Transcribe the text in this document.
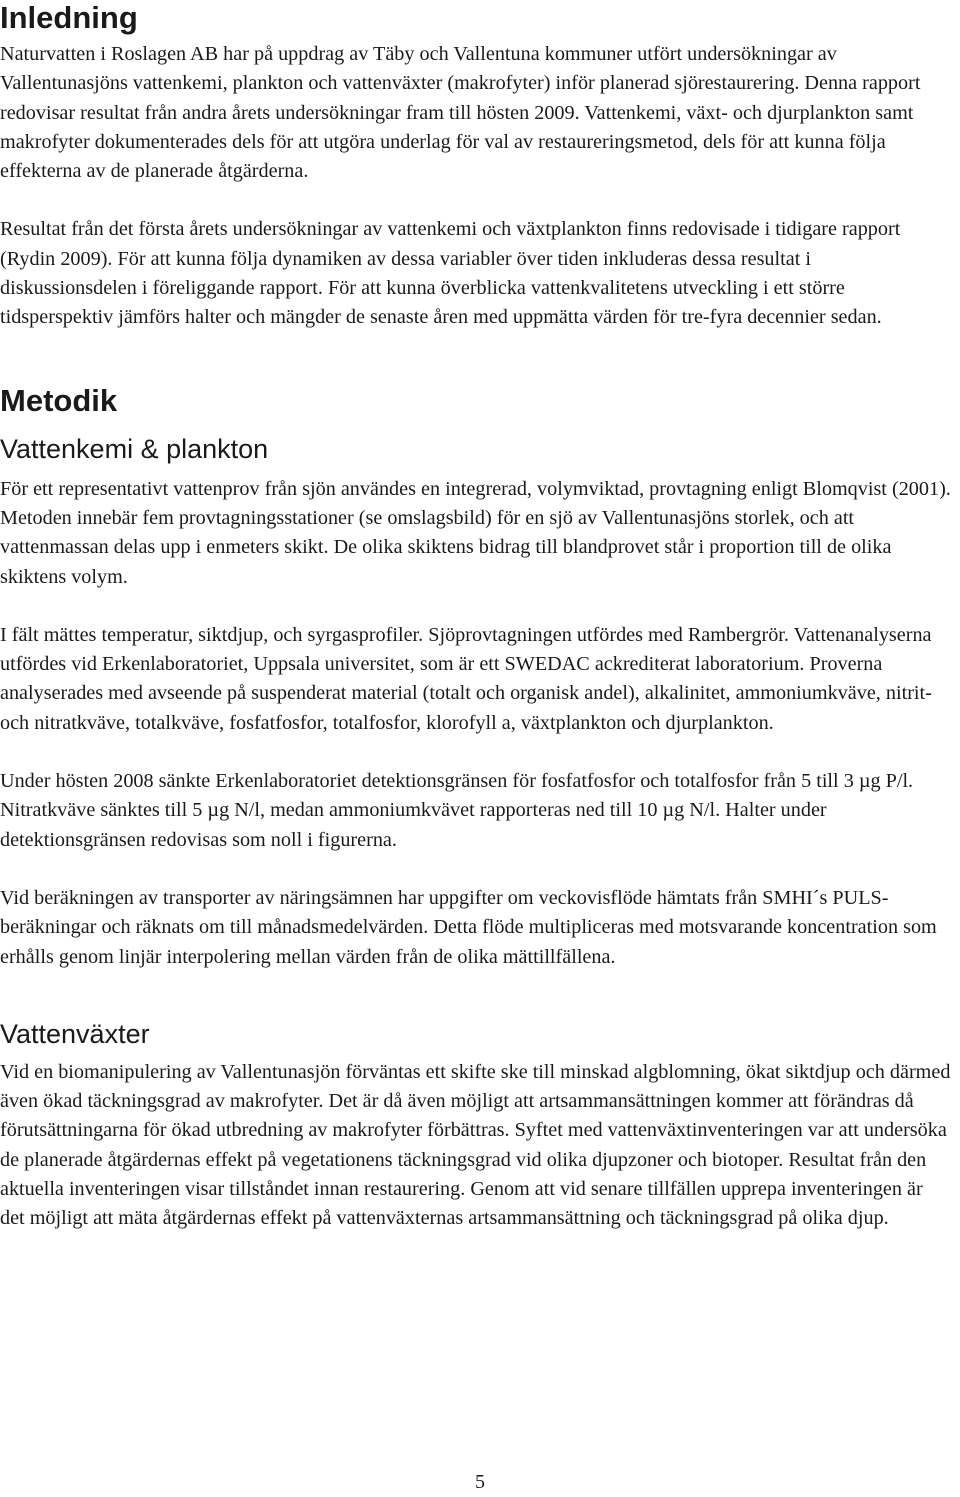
Inledning

Naturvatten i Roslagen AB har på uppdrag av Täby och Vallentuna kommuner utfört undersökningar av Vallentunasjöns vattenkemi, plankton och vattenväxter (makrofyter) inför planerad sjörestaurering. Denna rapport redovisar resultat från andra årets undersökningar fram till hösten 2009. Vattenkemi, växt- och djurplankton samt makrofyter dokumenterades dels för att utgöra underlag för val av restaureringsmetod, dels för att kunna följa effekterna av de planerade åtgärderna.

Resultat från det första årets undersökningar av vattenkemi och växtplankton finns redovisade i tidigare rapport (Rydin 2009). För att kunna följa dynamiken av dessa variabler över tiden inkluderas dessa resultat i diskussionsdelen i föreliggande rapport. För att kunna överblicka vattenkvalitetens utveckling i ett större tidsperspektiv jämförs halter och mängder de senaste åren med uppmätta värden för tre-fyra decennier sedan.

Metodik
Vattenkemi & plankton

För ett representativt vattenprov från sjön användes en integrerad, volymviktad, provtagning enligt Blomqvist (2001). Metoden innebär fem provtagningsstationer (se omslagsbild) för en sjö av Vallentunasjöns storlek, och att vattenmassan delas upp i enmeters skikt. De olika skiktens bidrag till blandprovet står i proportion till de olika skiktens volym.

I fält mättes temperatur, siktdjup, och syrgasprofiler. Sjöprovtagningen utfördes med Rambergrör. Vattenanalyserna utfördes vid Erkenlaboratoriet, Uppsala universitet, som är ett SWEDAC ackrediterat laboratorium. Proverna analyserades med avseende på suspenderat material (totalt och organisk andel), alkalinitet, ammoniumkväve, nitrit- och nitratkväve, totalkväve, fosfatfosfor, totalfosfor, klorofyll a, växtplankton och djurplankton.

Under hösten 2008 sänkte Erkenlaboratoriet detektionsgränsen för fosfatfosfor och totalfosfor från 5 till 3 µg P/l. Nitratkväve sänktes till 5 µg N/l, medan ammoniumkvävet rapporteras ned till 10 µg N/l. Halter under detektionsgränsen redovisas som noll i figurerna.

Vid beräkningen av transporter av näringsämnen har uppgifter om veckovisflöde hämtats från SMHI´s PULS-beräkningar och räknats om till månadsmedelvärden. Detta flöde multipliceras med motsvarande koncentration som erhålls genom linjär interpolering mellan värden från de olika mättillfällena.

Vattenväxter

Vid en biomanipulering av Vallentunasjön förväntas ett skifte ske till minskad algblomning, ökat siktdjup och därmed även ökad täckningsgrad av makrofyter. Det är då även möjligt att artsammansättningen kommer att förändras då förutsättningarna för ökad utbredning av makrofyter förbättras. Syftet med vattenväxtinventeringen var att undersöka de planerade åtgärdernas effekt på vegetationens täckningsgrad vid olika djupzoner och biotoper. Resultat från den aktuella inventeringen visar tillståndet innan restaurering. Genom att vid senare tillfällen upprepa inventeringen är det möjligt att mäta åtgärdernas effekt på vattenväxternas artsammansättning och täckningsgrad på olika djup.

5
